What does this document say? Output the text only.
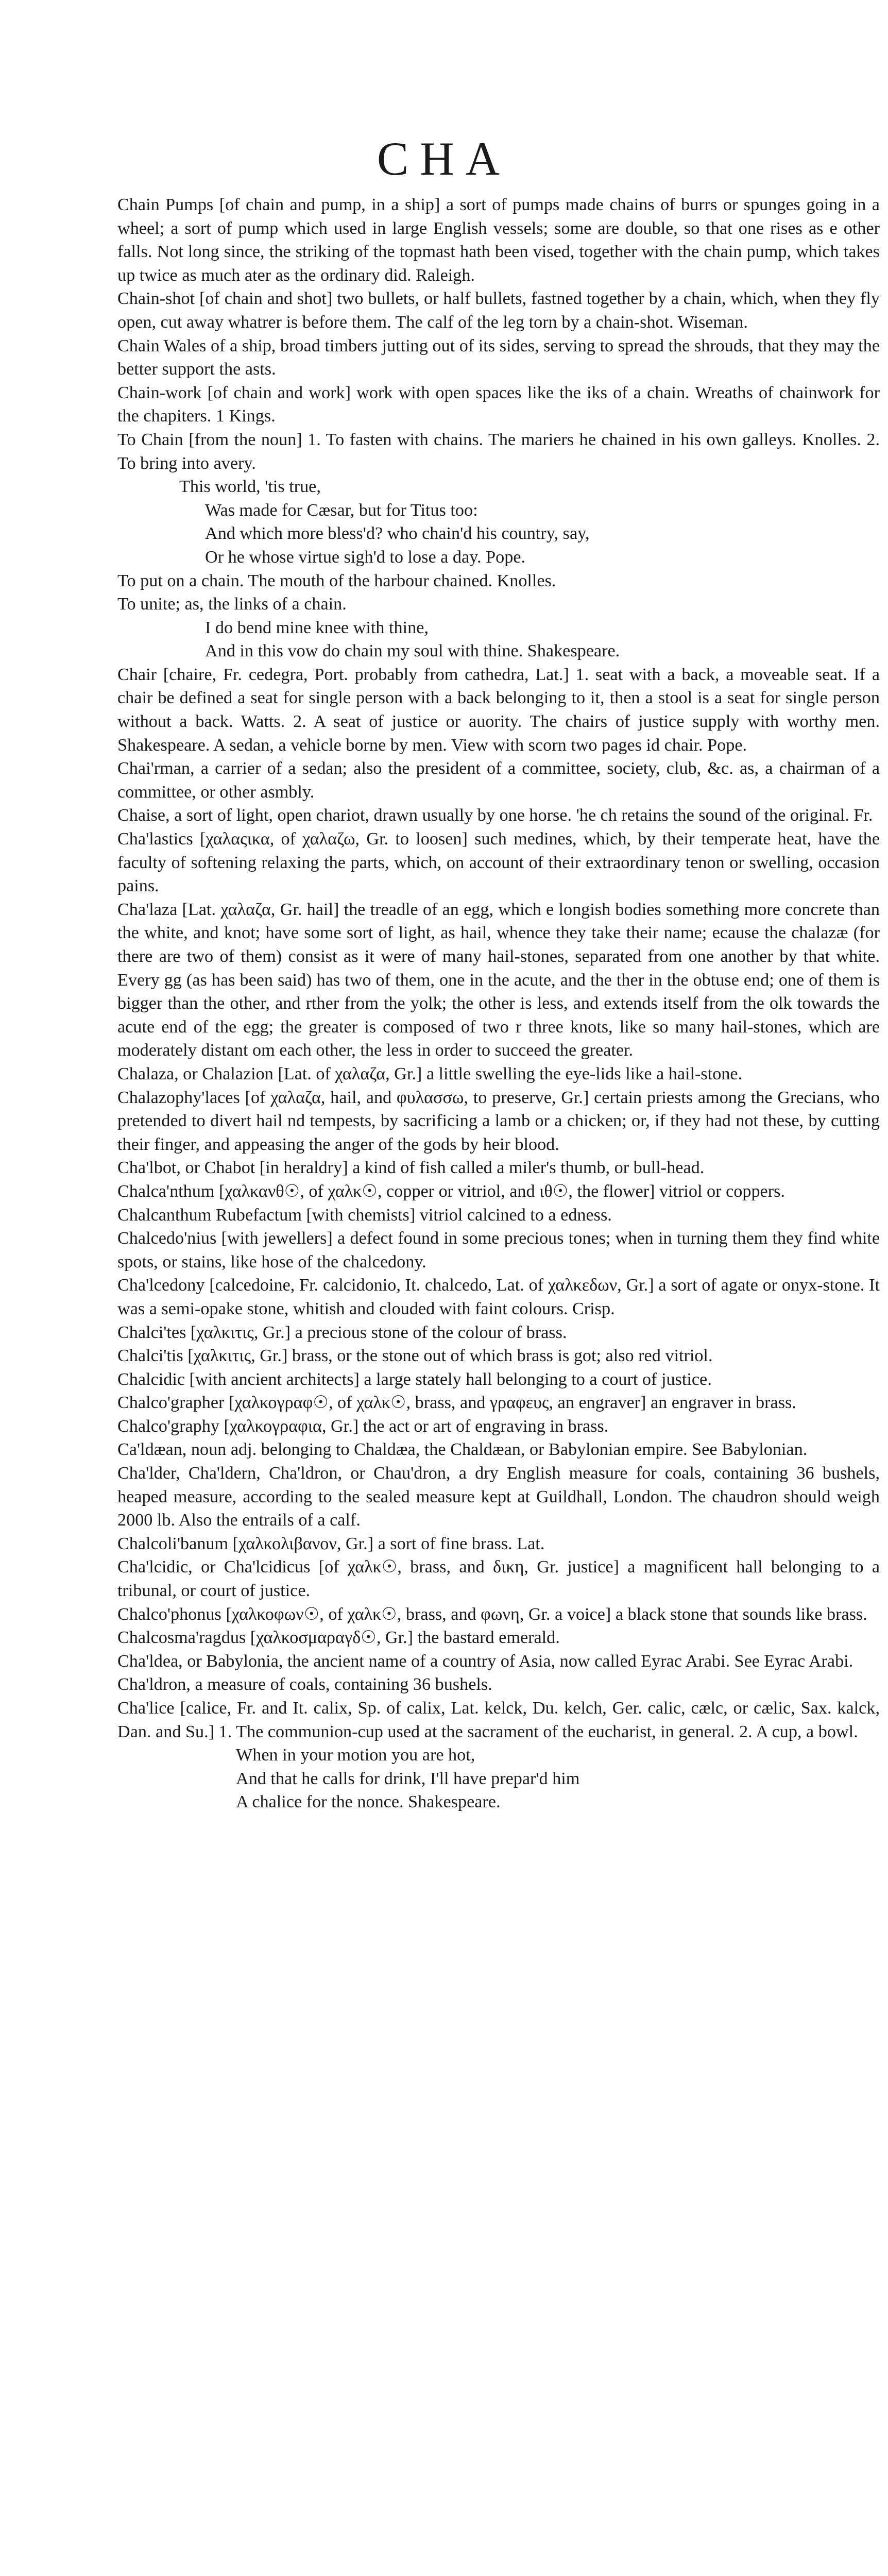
CHA

Chain Pumps [of chain and pump, in a ship] a sort of pumps made chains of burrs or spunges going in a wheel; a sort of pump which used in large English vessels; some are double, so that one rises as e other falls. Not long since, the striking of the topmast hath been vised, together with the chain pump, which takes up twice as much ater as the ordinary did. Raleigh.

Chain-shot [of chain and shot] two bullets, or half bullets, fastned together by a chain, which, when they fly open, cut away whatrer is before them. The calf of the leg torn by a chain-shot. Wiseman.

Chain Wales of a ship, broad timbers jutting out of its sides, serving to spread the shrouds, that they may the better support the asts.

Chain-work [of chain and work] work with open spaces like the iks of a chain. Wreaths of chainwork for the chapiters. 1 Kings.

To Chain [from the noun] 1. To fasten with chains. The mariers he chained in his own galleys. Knolles. 2. To bring into avery.

This world, 'tis true,
Was made for Cæsar, but for Titus too:
And which more bless'd? who chain'd his country, say,
Or he whose virtue sigh'd to lose a day. Pope.

To put on a chain. The mouth of the harbour chained. Knolles.

To unite; as, the links of a chain.

I do bend mine knee with thine,
And in this vow do chain my soul with thine. Shakespeare.

Chair [chaire, Fr. cedegra, Port. probably from cathedra, Lat.] 1. seat with a back, a moveable seat. If a chair be defined a seat for single person with a back belonging to it, then a stool is a seat for single person without a back. Watts. 2. A seat of justice or auority. The chairs of justice supply with worthy men. Shakespeare. A sedan, a vehicle borne by men. View with scorn two pages id chair. Pope.

Chai'rman, a carrier of a sedan; also the president of a committee, society, club, &c. as, a chairman of a committee, or other asmbly.

Chaise, a sort of light, open chariot, drawn usually by one horse. 'he ch retains the sound of the original. Fr.

Cha'lastics [χαλαςικα, of χαλαζω, Gr. to loosen] such medines, which, by their temperate heat, have the faculty of softening relaxing the parts, which, on account of their extraordinary tenon or swelling, occasion pains.

Cha'laza [Lat. χαλαζα, Gr. hail] the treadle of an egg, which e longish bodies something more concrete than the white, and knot; have some sort of light, as hail, whence they take their name; ecause the chalazæ (for there are two of them) consist as it were of many hail-stones, separated from one another by that white. Every gg (as has been said) has two of them, one in the acute, and the ther in the obtuse end; one of them is bigger than the other, and rther from the yolk; the other is less, and extends itself from the olk towards the acute end of the egg; the greater is composed of two r three knots, like so many hail-stones, which are moderately distant om each other, the less in order to succeed the greater.

Chalaza, or Chalazion [Lat. of χαλαζα, Gr.] a little swelling the eye-lids like a hail-stone.

Chalazophy'laces [of χαλαζα, hail, and φυλασσω, to preserve, Gr.] certain priests among the Grecians, who pretended to divert hail nd tempests, by sacrificing a lamb or a chicken; or, if they had not these, by cutting their finger, and appeasing the anger of the gods by heir blood.

Cha'lbot, or Chabot [in heraldry] a kind of fish called a miler's thumb, or bull-head.

Chalca'nthum [χαλκανθ☉, of χαλκ☉, copper or vitriol, and ιθ☉, the flower] vitriol or coppers.

Chalcanthum Rubefactum [with chemists] vitriol calcined to a edness.

Chalcedo'nius [with jewellers] a defect found in some precious tones; when in turning them they find white spots, or stains, like hose of the chalcedony.

Cha'lcedony [calcedoine, Fr. calcidonio, It. chalcedo, Lat. of χαλκεδων, Gr.] a sort of agate or onyx-stone. It was a semi-opake stone, whitish and clouded with faint colours. Crisp.

Chalci'tes [χαλκιτις, Gr.] a precious stone of the colour of brass.

Chalci'tis [χαλκιτις, Gr.] brass, or the stone out of which brass is got; also red vitriol.

Chalcidic [with ancient architects] a large stately hall belonging to a court of justice.

Chalco'grapher [χαλκογραφ☉, of χαλκ☉, brass, and γραφευς, an engraver] an engraver in brass.

Chalco'graphy [χαλκογραφια, Gr.] the act or art of engraving in brass.

Ca'ldæan, noun adj. belonging to Chaldæa, the Chaldæan, or Babylonian empire. See Babylonian.

Cha'lder, Cha'ldern, Cha'ldron, or Chau'dron, a dry English measure for coals, containing 36 bushels, heaped measure, according to the sealed measure kept at Guildhall, London. The chaudron should weigh 2000 lb. Also the entrails of a calf.

Chalcoli'banum [χαλκολιβανον, Gr.] a sort of fine brass. Lat.

Cha'lcidic, or Cha'lcidicus [of χαλκ☉, brass, and δικη, Gr. justice] a magnificent hall belonging to a tribunal, or court of justice.

Chalco'phonus [χαλκοφων☉, of χαλκ☉, brass, and φωνη, Gr. a voice] a black stone that sounds like brass.

Chalcosma'ragdus [χαλκοσμαραγδ☉, Gr.] the bastard emerald.

Cha'ldea, or Babylonia, the ancient name of a country of Asia, now called Eyrac Arabi. See Eyrac Arabi.

Cha'ldron, a measure of coals, containing 36 bushels.

Cha'lice [calice, Fr. and It. calix, Sp. of calix, Lat. kelck, Du. kelch, Ger. calic, cælc, or cælic, Sax. kalck, Dan. and Su.] 1. The communion-cup used at the sacrament of the eucharist, in general. 2. A cup, a bowl.

When in your motion you are hot,
And that he calls for drink, I'll have prepar'd him
A chalice for the nonce. Shakespeare.
